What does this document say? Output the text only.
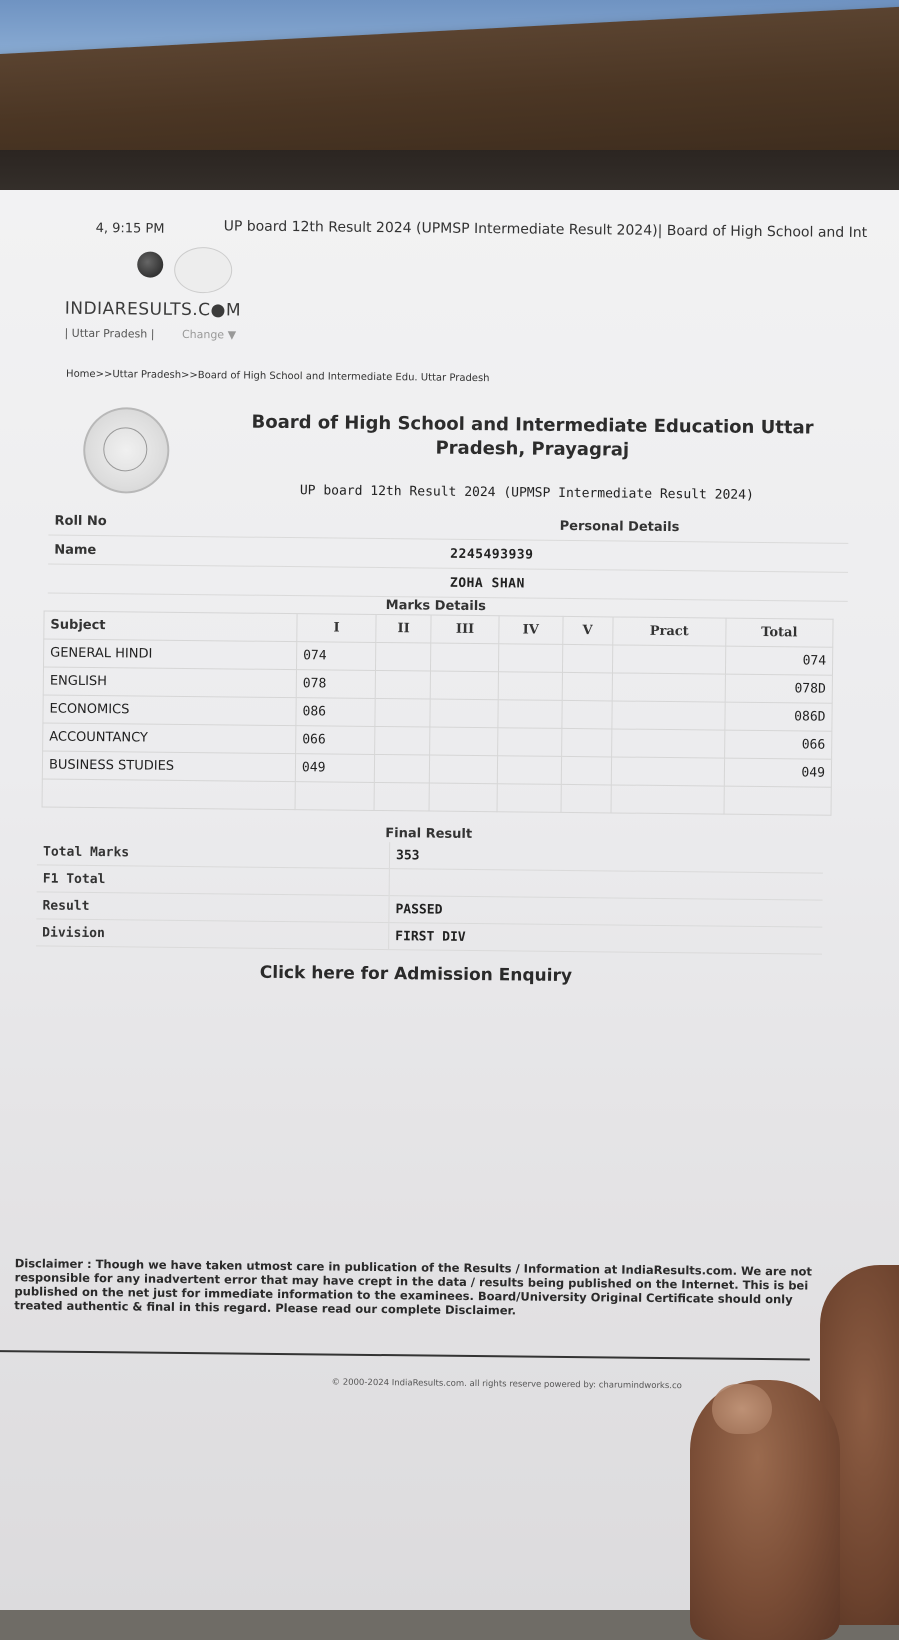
4, 9:15 PM	UP board 12th Result 2024 (UPMSP Intermediate Result 2024)| Board of High School and Int
INDIARESULTS.C●M
| Uttar Pradesh | Change ▼
Home>>Uttar Pradesh>>Board of High School and Intermediate Edu. Uttar Pradesh
Board of High School and Intermediate Education Uttar Pradesh, Prayagraj
UP board 12th Result 2024 (UPMSP Intermediate Result 2024)
Roll No	Personal Details
Name	2245493939
	ZOHA SHAN
Marks Details
Subject	I	II	III	IV	V	Pract	Total
GENERAL HINDI	074						074
ENGLISH	078						078D
ECONOMICS	086						086D
ACCOUNTANCY	066						066
BUSINESS STUDIES	049						049

Final Result
Total Marks	353
F1 Total	
Result	PASSED
Division	FIRST DIV
Click here for Admission Enquiry
Disclaimer : Though we have taken utmost care in publication of the Results / Information at IndiaResults.com. We are not responsible for any inadvertent error that may have crept in the data / results being published on the Internet. This is bei published on the net just for immediate information to the examinees. Board/University Original Certificate should only treated authentic & final in this regard. Please read our complete Disclaimer.
© 2000-2024 IndiaResults.com. all rights reserve powered by: charumindworks.co
